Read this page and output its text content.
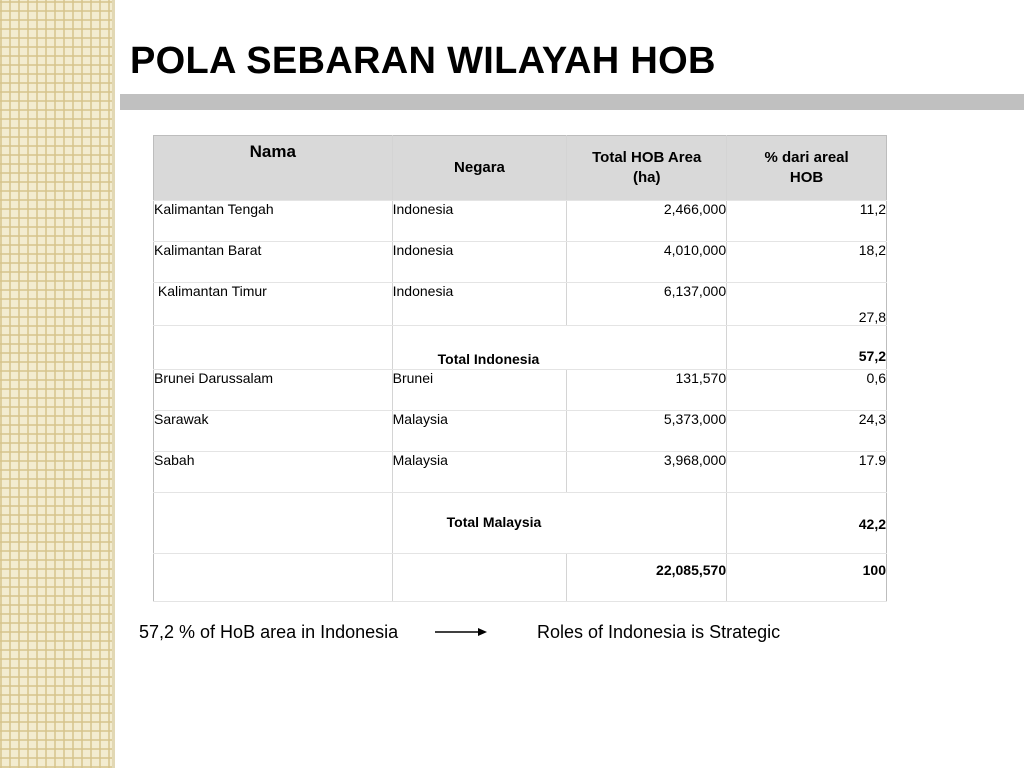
POLA SEBARAN WILAYAH HOB
Nama	Negara	Total HOB Area (ha)	% dari areal HOB

Kalimantan Tengah	Indonesia	2,466,000	11,2
Kalimantan Barat	Indonesia	4,010,000	18,2
Kalimantan Timur	Indonesia	6,137,000	27,8
	Total Indonesia		57,2
Brunei Darussalam	Brunei	131,570	0,6
Sarawak	Malaysia	5,373,000	24,3
Sabah	Malaysia	3,968,000	17.9
	Total Malaysia		42,2
		22,085,570	100
57,2 % of HoB area in Indonesia	Roles of Indonesia is Strategic
